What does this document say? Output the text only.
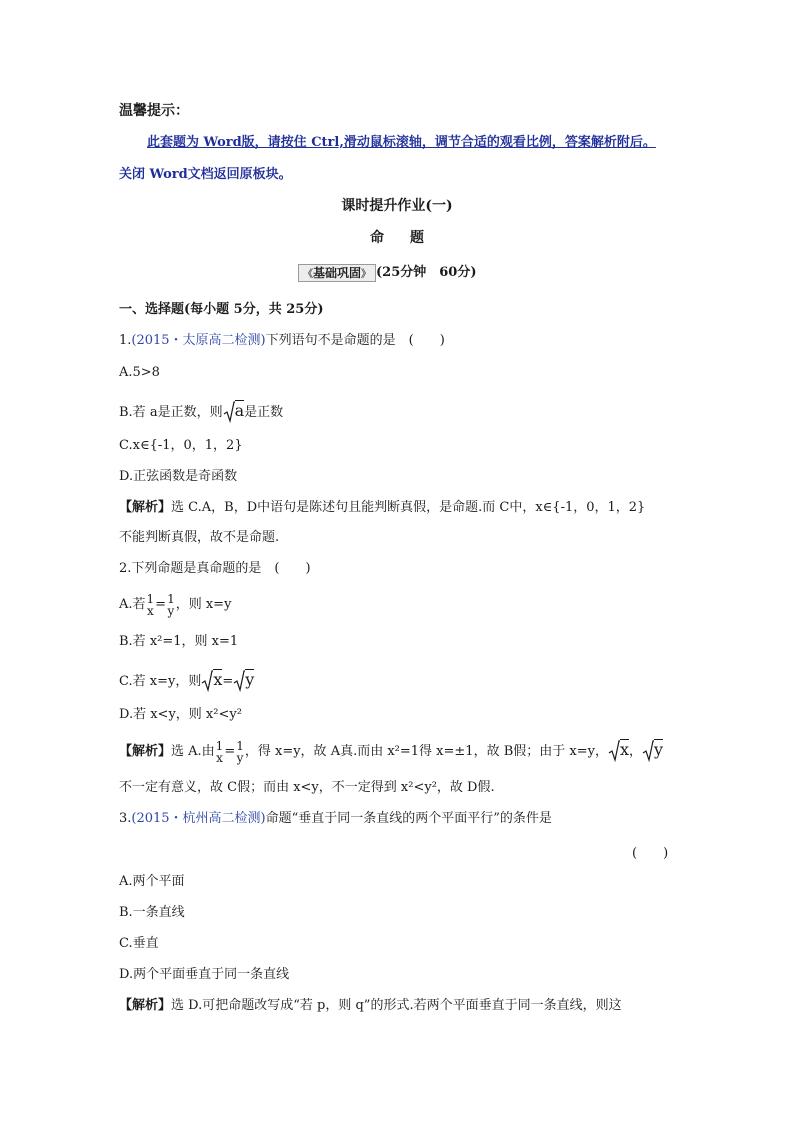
温馨提示：
此套题为 Word版，请按住 Ctrl,滑动鼠标滚轴，调节合适的观看比例，答案解析附后。
关闭 Word文档返回原板块。
课时提升作业(一)
命题
《基础巩固》 (25分钟　60分)
一、选择题(每小题 5分，共 25分)
1.(2015・太原高二检测)下列语句不是命题的是　(　　)
A.5>8
B.若 a是正数，则 a是正数
C.x∈{-1，0，1，2}
D.正弦函数是奇函数
【解析】选 C.A，B，D中语句是陈述句且能判断真假，是命题.而 C中，x∈{-1，0，1，2}
不能判断真假，故不是命题.
2.下列命题是真命题的是　(　　)
A.若 1
x = 1
y ，则 x=y
B.若 x²=1，则 x=1
C.若 x=y，则 x= y
D.若 x<y，则 x²<y²
【解析】选 A.由 1
x = 1
y ，得 x=y，故 A真.而由 x²=1得 x=±1，故 B假；由于 x=y， x， y
不一定有意义，故 C假；而由 x<y，不一定得到 x²<y²，故 D假.
3.(2015・杭州高二检测)命题“垂直于同一条直线的两个平面平行”的条件是
(　　)
A.两个平面
B.一条直线
C.垂直
D.两个平面垂直于同一条直线
【解析】选 D.可把命题改写成“若 p，则 q”的形式.若两个平面垂直于同一条直线，则这
